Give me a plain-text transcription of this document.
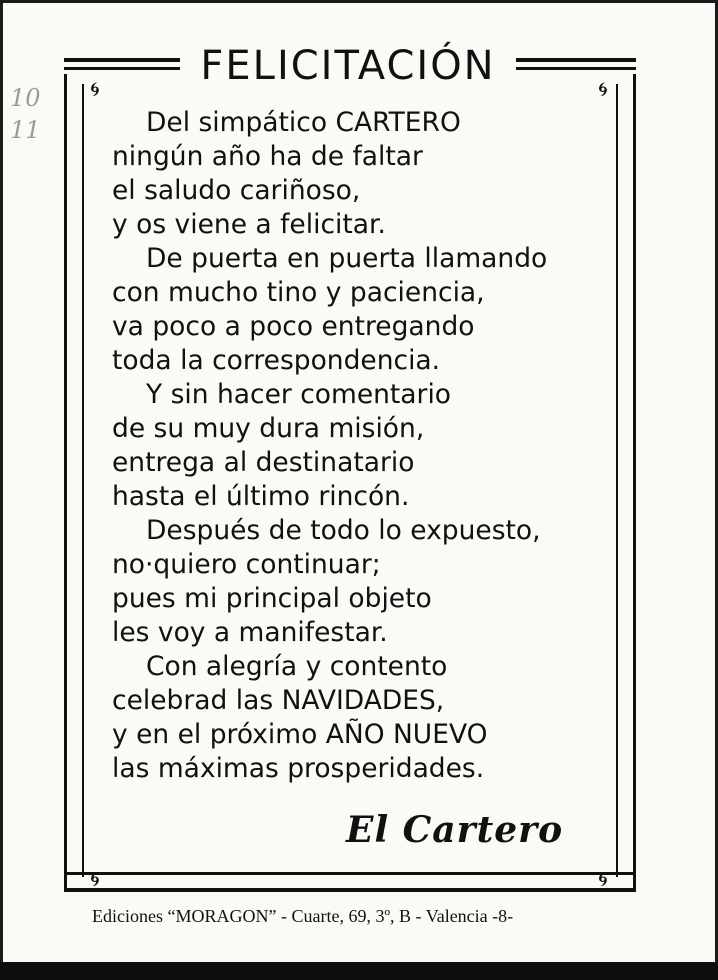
FELICITACIÓN
🌀︎	🌀︎
🌀︎	🌀︎
10
11	Del simpático CARTERO
ningún año ha de faltar
el saludo cariñoso,
y os viene a felicitar.
De puerta en puerta llamando
con mucho tino y paciencia,
va poco a poco entregando
toda la correspondencia.
Y sin hacer comentario
de su muy dura misión,
entrega al destinatario
hasta el último rincón.
Después de todo lo expuesto,
no·quiero continuar;
pues mi principal objeto
les voy a manifestar.
Con alegría y contento
celebrad las NAVIDADES,
y en el próximo AÑO NUEVO
las máximas prosperidades.
El Cartero
Ediciones “MORAGON” - Cuarte, 69, 3º, B - Valencia -8-
